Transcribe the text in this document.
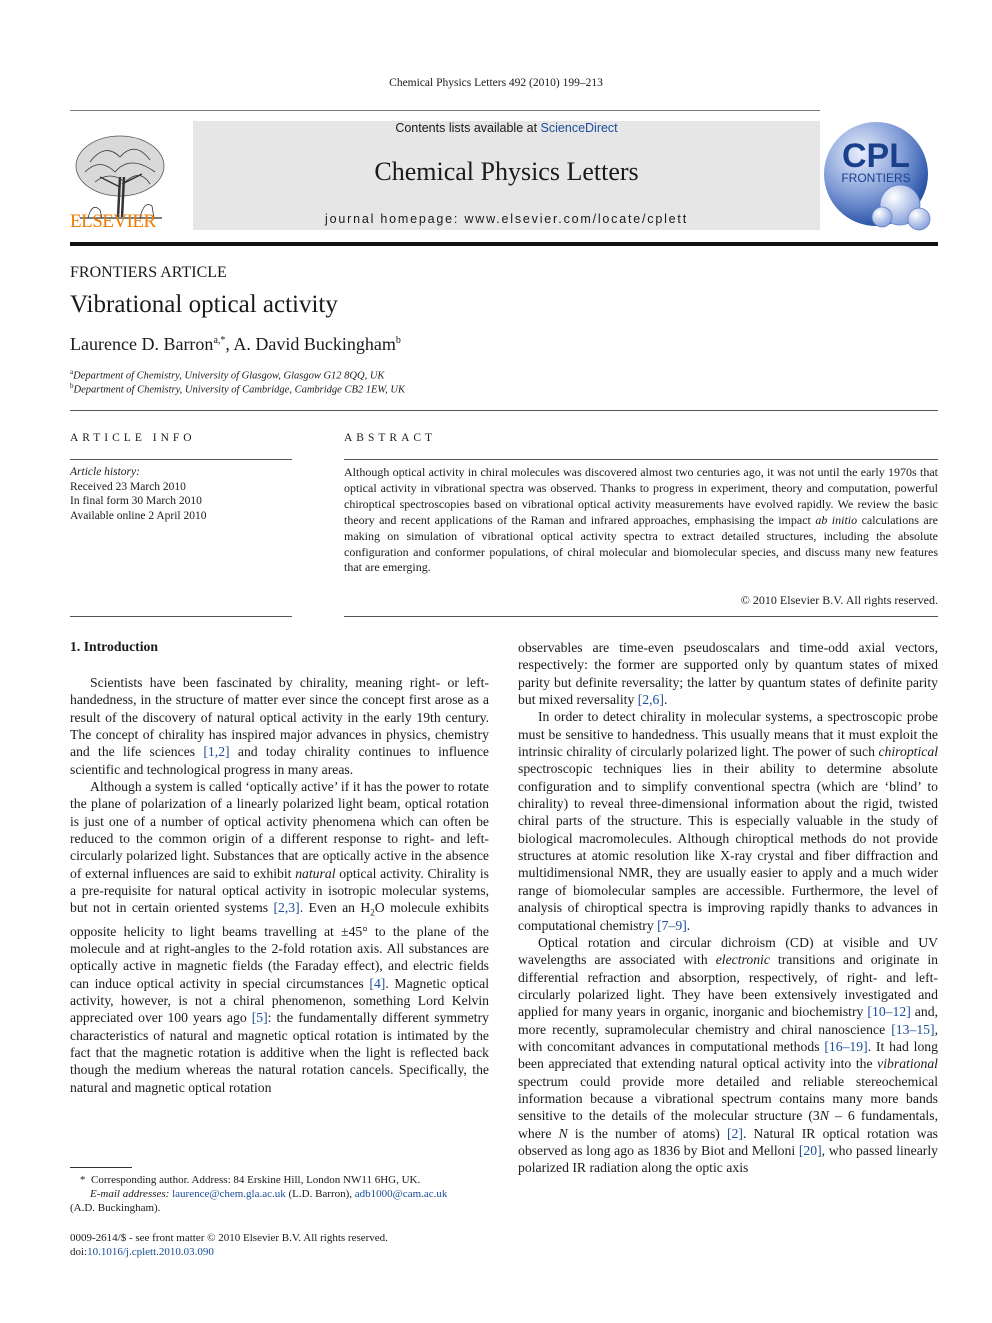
Chemical Physics Letters 492 (2010) 199–213
ELSEVIER
Contents lists available at ScienceDirect
Chemical Physics Letters
journal homepage: www.elsevier.com/locate/cplett
CPL
FRONTIERS
FRONTIERS ARTICLE
Vibrational optical activity
Laurence D. Barron$^{a,*}$, A. David Buckingham$^b$
$^a$Department of Chemistry, University of Glasgow, Glasgow G12 8QQ, UK
$^b$Department of Chemistry, University of Cambridge, Cambridge CB2 1EW, UK
ARTICLE INFO
Article history:
Received 23 March 2010
In final form 30 March 2010
Available online 2 April 2010
ABSTRACT
Although optical activity in chiral molecules was discovered almost two centuries ago, it was not until the early 1970s that optical activity in vibrational spectra was observed. Thanks to progress in experiment, theory and computation, powerful chiroptical spectroscopies based on vibrational optical activity measurements have evolved rapidly. We review the basic theory and recent applications of the Raman and infrared approaches, emphasising the impact ab initio calculations are making on simulation of vibrational optical activity spectra to extract detailed structures, including the absolute configuration and conformer populations, of chiral molecular and biomolecular species, and discuss many new features that are emerging.
© 2010 Elsevier B.V. All rights reserved.
1. Introduction

Scientists have been fascinated by chirality, meaning right- or left-handedness, in the structure of matter ever since the concept first arose as a result of the discovery of natural optical activity in the early 19th century. The concept of chirality has inspired major advances in physics, chemistry and the life sciences [1,2] and today chirality continues to influence scientific and technological progress in many areas.

Although a system is called ‘optically active’ if it has the power to rotate the plane of polarization of a linearly polarized light beam, optical rotation is just one of a number of optical activity phenomena which can often be reduced to the common origin of a different response to right- and left-circularly polarized light. Substances that are optically active in the absence of external influences are said to exhibit natural optical activity. Chirality is a pre-requisite for natural optical activity in isotropic molecular systems, but not in certain oriented systems [2,3]. Even an $H_2O$ molecule exhibits opposite helicity to light beams travelling at ±45° to the plane of the molecule and at right-angles to the 2-fold rotation axis. All substances are optically active in magnetic fields (the Faraday effect), and electric fields can induce optical activity in special circumstances [4]. Magnetic optical activity, however, is not a chiral phenomenon, something Lord Kelvin appreciated over 100 years ago [5]: the fundamentally different symmetry characteristics of natural and magnetic optical rotation is intimated by the fact that the magnetic rotation is additive when the light is reflected back though the medium whereas the natural rotation cancels. Specifically, the natural and magnetic optical rotation

observables are time-even pseudoscalars and time-odd axial vectors, respectively: the former are supported only by quantum states of mixed parity but definite reversality; the latter by quantum states of definite parity but mixed reversality [2,6].

In order to detect chirality in molecular systems, a spectroscopic probe must be sensitive to handedness. This usually means that it must exploit the intrinsic chirality of circularly polarized light. The power of such chiroptical spectroscopic techniques lies in their ability to determine absolute configuration and to simplify conventional spectra (which are ‘blind’ to chirality) to reveal three-dimensional information about the rigid, twisted chiral parts of the structure. This is especially valuable in the study of biological macromolecules. Although chiroptical methods do not provide structures at atomic resolution like X-ray crystal and fiber diffraction and multidimensional NMR, they are usually easier to apply and a much wider range of biomolecular samples are accessible. Furthermore, the level of analysis of chiroptical spectra is improving rapidly thanks to advances in computational chemistry [7–9].

Optical rotation and circular dichroism (CD) at visible and UV wavelengths are associated with electronic transitions and originate in differential refraction and absorption, respectively, of right- and left-circularly polarized light. They have been extensively investigated and applied for many years in organic, inorganic and biochemistry [10–12] and, more recently, supramolecular chemistry and chiral nanoscience [13–15], with concomitant advances in computational methods [16–19]. It had long been appreciated that extending natural optical activity into the vibrational spectrum could provide more detailed and reliable stereochemical information because a vibrational spectrum contains many more bands sensitive to the details of the molecular structure (3N – 6 fundamentals, where N is the number of atoms) [2]. Natural IR optical rotation was observed as long ago as 1836 by Biot and Melloni [20], who passed linearly polarized IR radiation along the optic axis

* Corresponding author. Address: 84 Erskine Hill, London NW11 6HG, UK.
E-mail addresses: laurence@chem.gla.ac.uk (L.D. Barron), adb1000@cam.ac.uk
(A.D. Buckingham).
0009-2614/$ - see front matter © 2010 Elsevier B.V. All rights reserved.
doi:10.1016/j.cplett.2010.03.090
